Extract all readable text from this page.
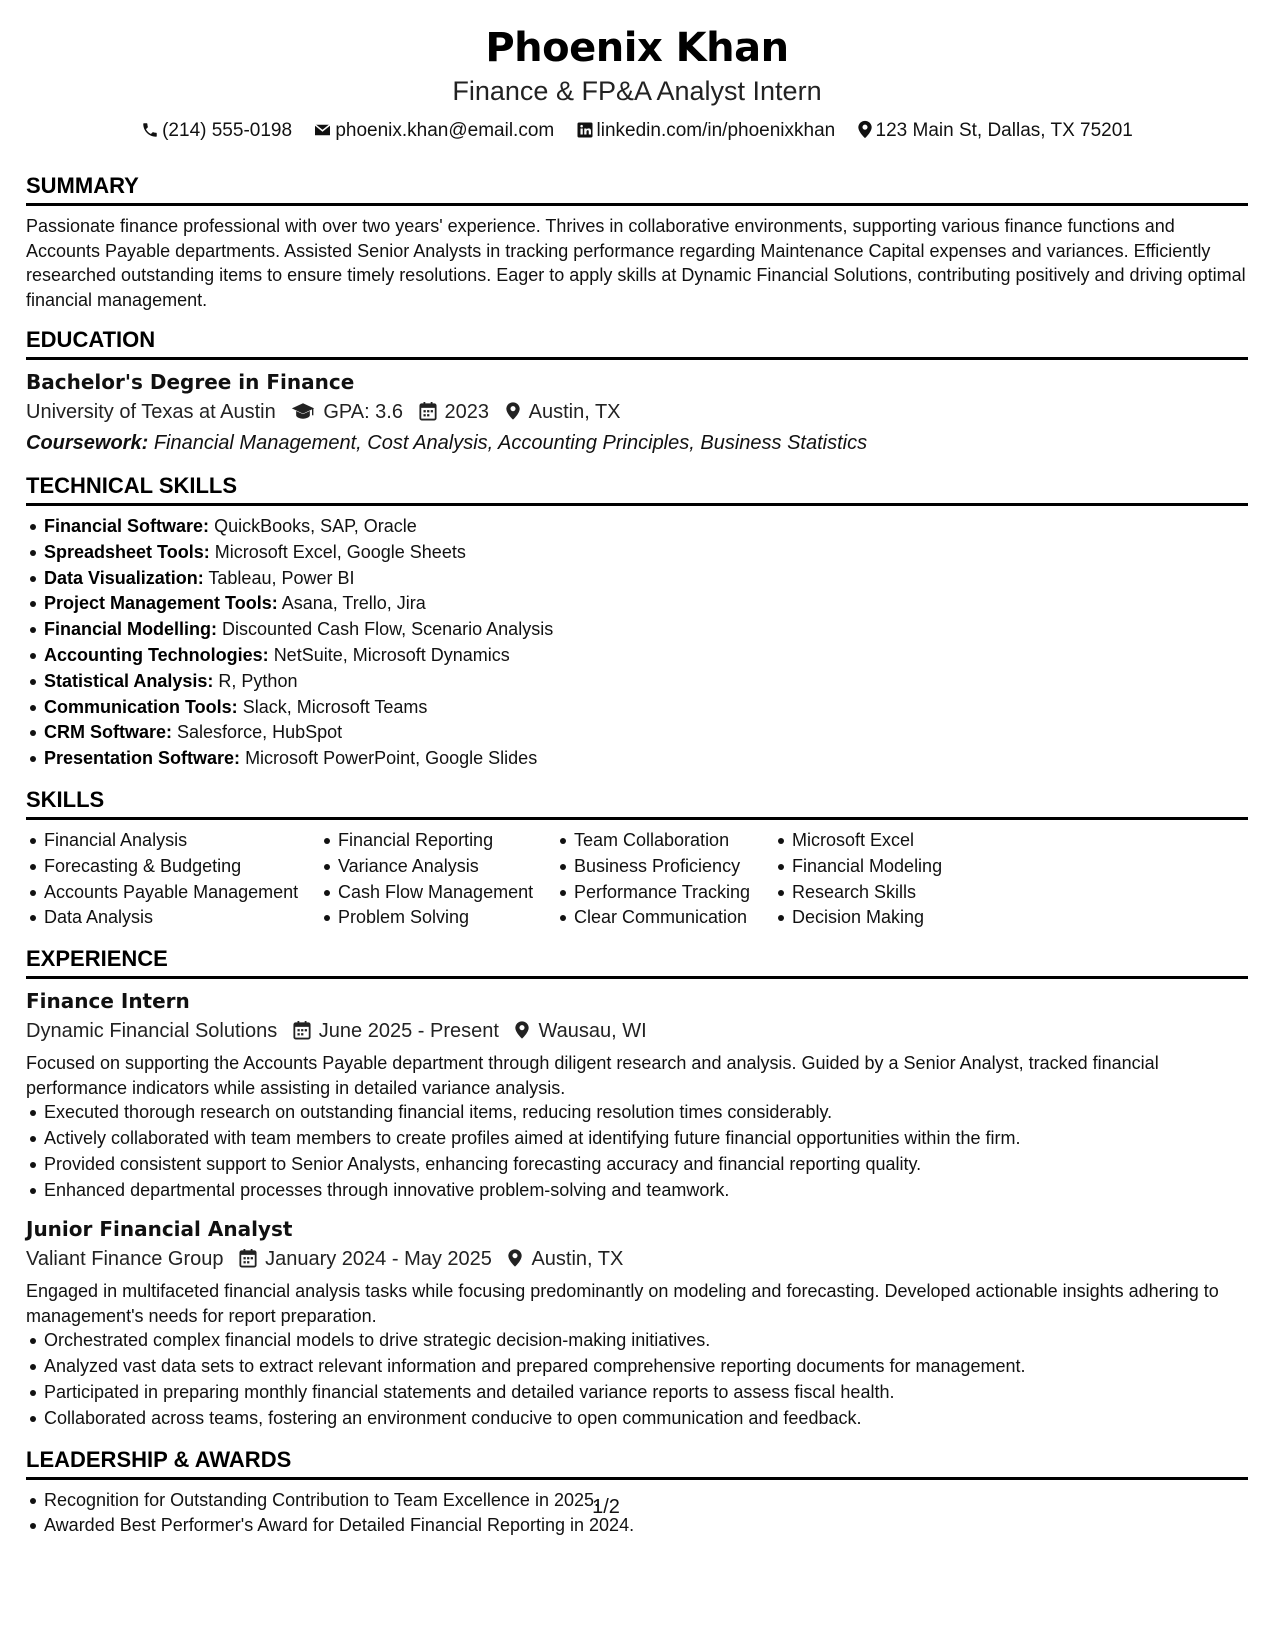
Phoenix Khan
Finance & FP&A Analyst Intern
(214) 555-0198 phoenix.khan@email.com linkedin.com/in/phoenixkhan 123 Main St, Dallas, TX 75201
SUMMARY
Passionate finance professional with over two years' experience. Thrives in collaborative environments, supporting various finance functions and Accounts Payable departments. Assisted Senior Analysts in tracking performance regarding Maintenance Capital expenses and variances. Efficiently researched outstanding items to ensure timely resolutions. Eager to apply skills at Dynamic Financial Solutions, contributing positively and driving optimal financial management.
EDUCATION
Bachelor's Degree in Finance
University of Texas at Austin GPA: 3.6 2023 Austin, TX
Coursework: Financial Management, Cost Analysis, Accounting Principles, Business Statistics
TECHNICAL SKILLS
Financial Software: QuickBooks, SAP, Oracle
Spreadsheet Tools: Microsoft Excel, Google Sheets
Data Visualization: Tableau, Power BI
Project Management Tools: Asana, Trello, Jira
Financial Modelling: Discounted Cash Flow, Scenario Analysis
Accounting Technologies: NetSuite, Microsoft Dynamics
Statistical Analysis: R, Python
Communication Tools: Slack, Microsoft Teams
CRM Software: Salesforce, HubSpot
Presentation Software: Microsoft PowerPoint, Google Slides
SKILLS
Financial Analysis
Forecasting & Budgeting
Accounts Payable Management
Data Analysis
Financial Reporting
Variance Analysis
Cash Flow Management
Problem Solving
Team Collaboration
Business Proficiency
Performance Tracking
Clear Communication
Microsoft Excel
Financial Modeling
Research Skills
Decision Making
EXPERIENCE
Finance Intern
Dynamic Financial Solutions June 2025 - Present Wausau, WI
Focused on supporting the Accounts Payable department through diligent research and analysis. Guided by a Senior Analyst, tracked financial performance indicators while assisting in detailed variance analysis.
Executed thorough research on outstanding financial items, reducing resolution times considerably.
Actively collaborated with team members to create profiles aimed at identifying future financial opportunities within the firm.
Provided consistent support to Senior Analysts, enhancing forecasting accuracy and financial reporting quality.
Enhanced departmental processes through innovative problem-solving and teamwork.
Junior Financial Analyst
Valiant Finance Group January 2024 - May 2025 Austin, TX
Engaged in multifaceted financial analysis tasks while focusing predominantly on modeling and forecasting. Developed actionable insights adhering to management's needs for report preparation.
Orchestrated complex financial models to drive strategic decision-making initiatives.
Analyzed vast data sets to extract relevant information and prepared comprehensive reporting documents for management.
Participated in preparing monthly financial statements and detailed variance reports to assess fiscal health.
Collaborated across teams, fostering an environment conducive to open communication and feedback.
LEADERSHIP & AWARDS
Recognition for Outstanding Contribution to Team Excellence in 2025.
Awarded Best Performer's Award for Detailed Financial Reporting in 2024.
1/2
